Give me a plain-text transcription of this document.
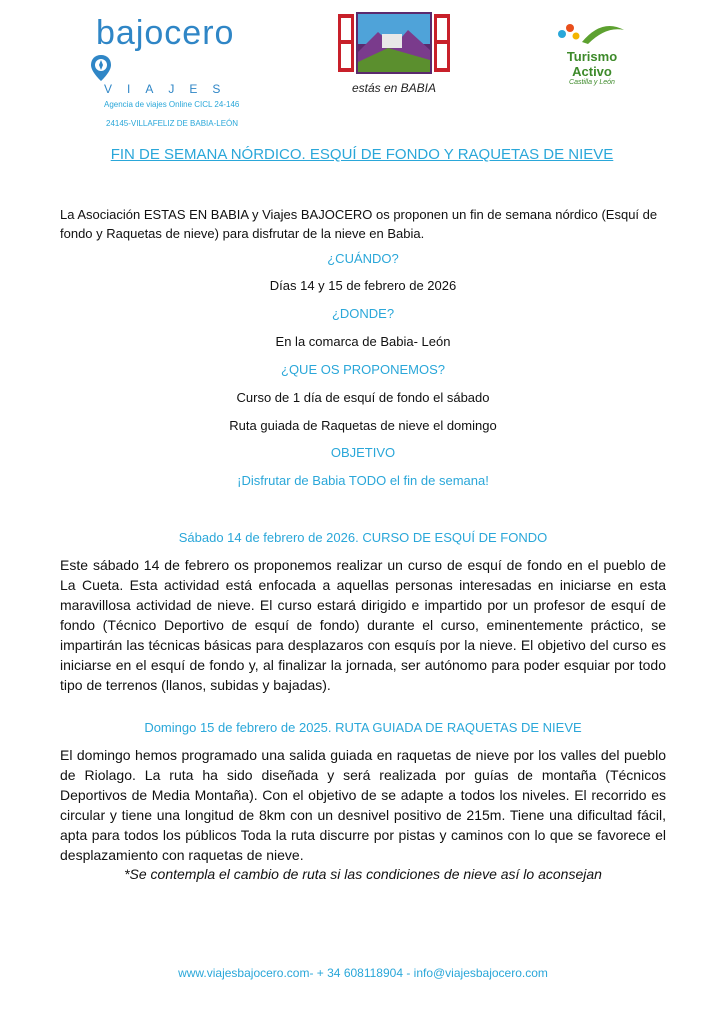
bajocero
VIAJES
Agencia de viajes Online CICL 24-146
24145-VILLAFELIZ DE BABIA-LEÓN
estás en BABIA
Turismo Activo
Castilla y León
FIN DE SEMANA NÓRDICO. ESQUÍ DE FONDO Y RAQUETAS DE NIEVE
La Asociación ESTAS EN BABIA y Viajes BAJOCERO os proponen un fin de semana nórdico (Esquí de fondo y Raquetas de nieve) para disfrutar de la nieve en Babia.
¿CUÁNDO?
Días 14 y 15 de febrero de 2026
¿DONDE?
En la comarca de Babia- León
¿QUE OS PROPONEMOS?
Curso de 1 día de esquí de fondo el sábado
Ruta guiada de Raquetas de nieve el domingo
OBJETIVO
¡Disfrutar de Babia TODO el fin de semana!
Sábado 14 de febrero de 2026. CURSO DE ESQUÍ DE FONDO
Este sábado 14 de febrero os proponemos realizar un curso de esquí de fondo en el pueblo de La Cueta. Esta actividad está enfocada a aquellas personas interesadas en iniciarse en esta maravillosa actividad de nieve. El curso estará dirigido e impartido por un profesor de esquí de fondo (Técnico Deportivo de esquí de fondo) durante el curso, eminentemente práctico, se impartirán las técnicas básicas para desplazaros con esquís por la nieve. El objetivo del curso es iniciarse en el esquí de fondo y, al finalizar la jornada, ser autónomo para poder esquiar por todo tipo de terrenos (llanos, subidas y bajadas).
Domingo 15 de febrero de 2025. RUTA GUIADA DE RAQUETAS DE NIEVE
El domingo hemos programado una salida guiada en raquetas de nieve por los valles del pueblo de Riolago. La ruta ha sido diseñada y será realizada por guías de montaña (Técnicos Deportivos de Media Montaña). Con el objetivo de se adapte a todos los niveles. El recorrido es circular y tiene una longitud de 8km con un desnivel positivo de 215m. Tiene una dificultad fácil, apta para todos los públicos Toda la ruta discurre por pistas y caminos con lo que se favorece el desplazamiento con raquetas de nieve.
*Se contempla el cambio de ruta si las condiciones de nieve así lo aconsejan
www.viajesbajocero.com- + 34 608118904 - info@viajesbajocero.com
